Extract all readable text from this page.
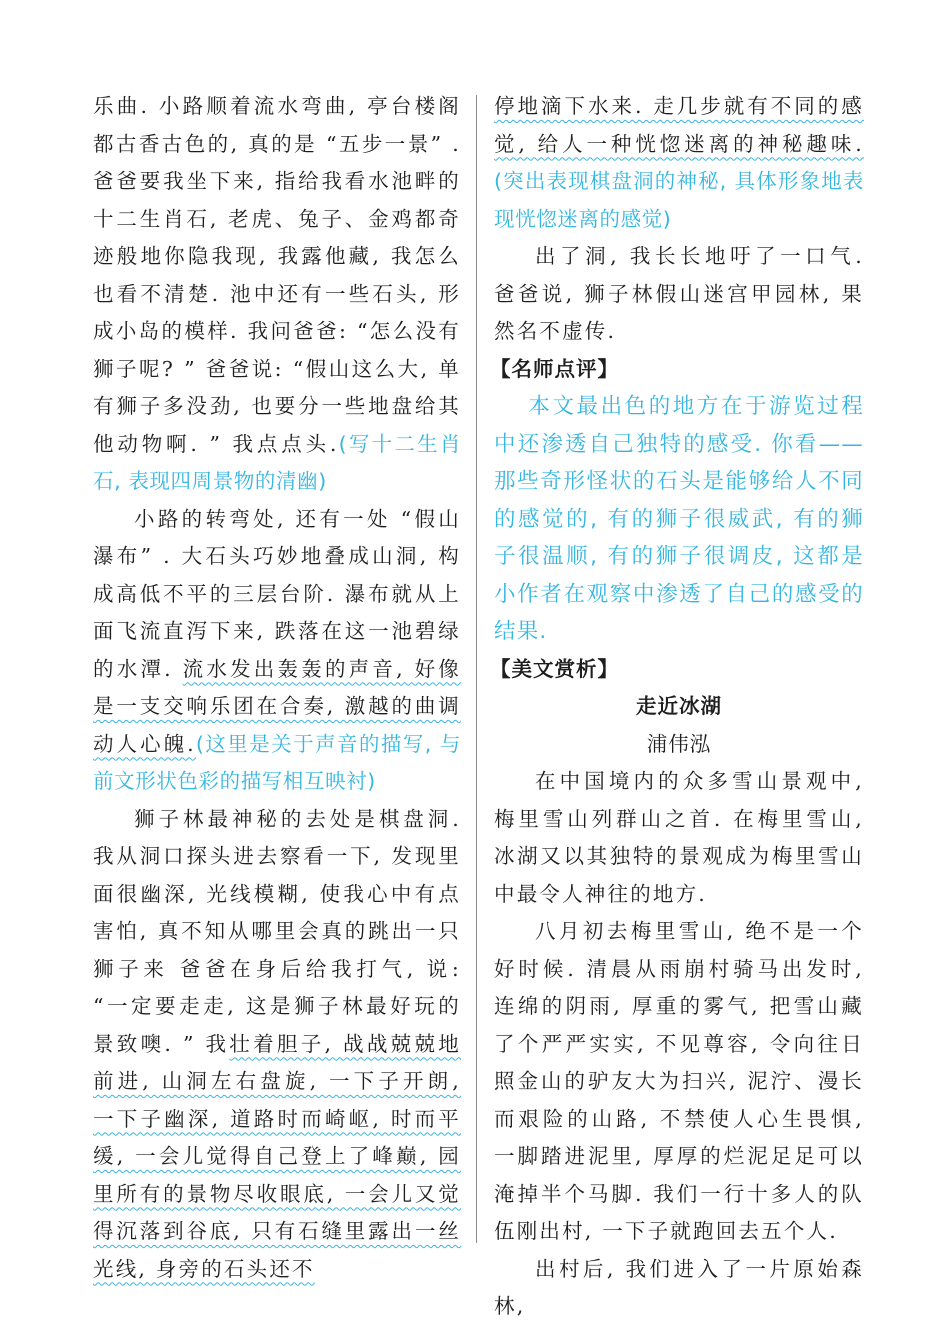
乐曲. 小路顺着流水弯曲, 亭台楼阁都古香古色的, 真的是 “五步一景” . 爸爸要我坐下来, 指给我看水池畔的十二生肖石, 老虎、兔子、金鸡都奇迹般地你隐我现, 我露他藏, 我怎么也看不清楚. 池中还有一些石头, 形成小岛的模样. 我问爸爸: “怎么没有狮子呢? ” 爸爸说: “假山这么大, 单有狮子多没劲, 也要分一些地盘给其他动物啊. ” 我点点头.(写十二生肖石, 表现四周景物的清幽)

小路的转弯处, 还有一处 “假山瀑布” . 大石头巧妙地叠成山洞, 构成高低不平的三层台阶. 瀑布就从上面飞流直泻下来, 跌落在这一池碧绿的水潭. 流水发出轰轰的声音, 好像是一支交响乐团在合奏, 激越的曲调动人心魄.(这里是关于声音的描写, 与前文形状色彩的描写相互映衬)

狮子林最神秘的去处是棋盘洞. 我从洞口探头进去察看一下, 发现里面很幽深, 光线模糊, 使我心中有点害怕, 真不知从哪里会真的跳出一只狮子来 爸爸在身后给我打气, 说: “一定要走走, 这是狮子林最好玩的景致噢. ” 我壮着胆子, 战战兢兢地前进, 山洞左右盘旋, 一下子开朗, 一下子幽深, 道路时而崎岖, 时而平缓, 一会儿觉得自己登上了峰巅, 园里所有的景物尽收眼底, 一会儿又觉得沉落到谷底, 只有石缝里露出一丝光线, 身旁的石头还不

停地滴下水来. 走几步就有不同的感觉, 给人一种恍惚迷离的神秘趣味.(突出表现棋盘洞的神秘, 具体形象地表现恍惚迷离的感觉)

出了洞, 我长长地吁了一口气. 爸爸说, 狮子林假山迷宫甲园林, 果然名不虚传.

【名师点评】

本文最出色的地方在于游览过程中还渗透自己独特的感受. 你看——那些奇形怪状的石头是能够给人不同的感觉的, 有的狮子很威武, 有的狮子很温顺, 有的狮子很调皮, 这都是小作者在观察中渗透了自己的感受的结果.

【美文赏析】

走近冰湖

浦伟泓

在中国境内的众多雪山景观中, 梅里雪山列群山之首. 在梅里雪山, 冰湖又以其独特的景观成为梅里雪山中最令人神往的地方.

八月初去梅里雪山, 绝不是一个好时候. 清晨从雨崩村骑马出发时, 连绵的阴雨, 厚重的雾气, 把雪山藏了个严严实实, 不见尊容, 令向往日照金山的驴友大为扫兴, 泥泞、漫长而艰险的山路, 不禁使人心生畏惧, 一脚踏进泥里, 厚厚的烂泥足足可以淹掉半个马脚. 我们一行十多人的队伍刚出村, 一下子就跑回去五个人.

出村后, 我们进入了一片原始森林,
